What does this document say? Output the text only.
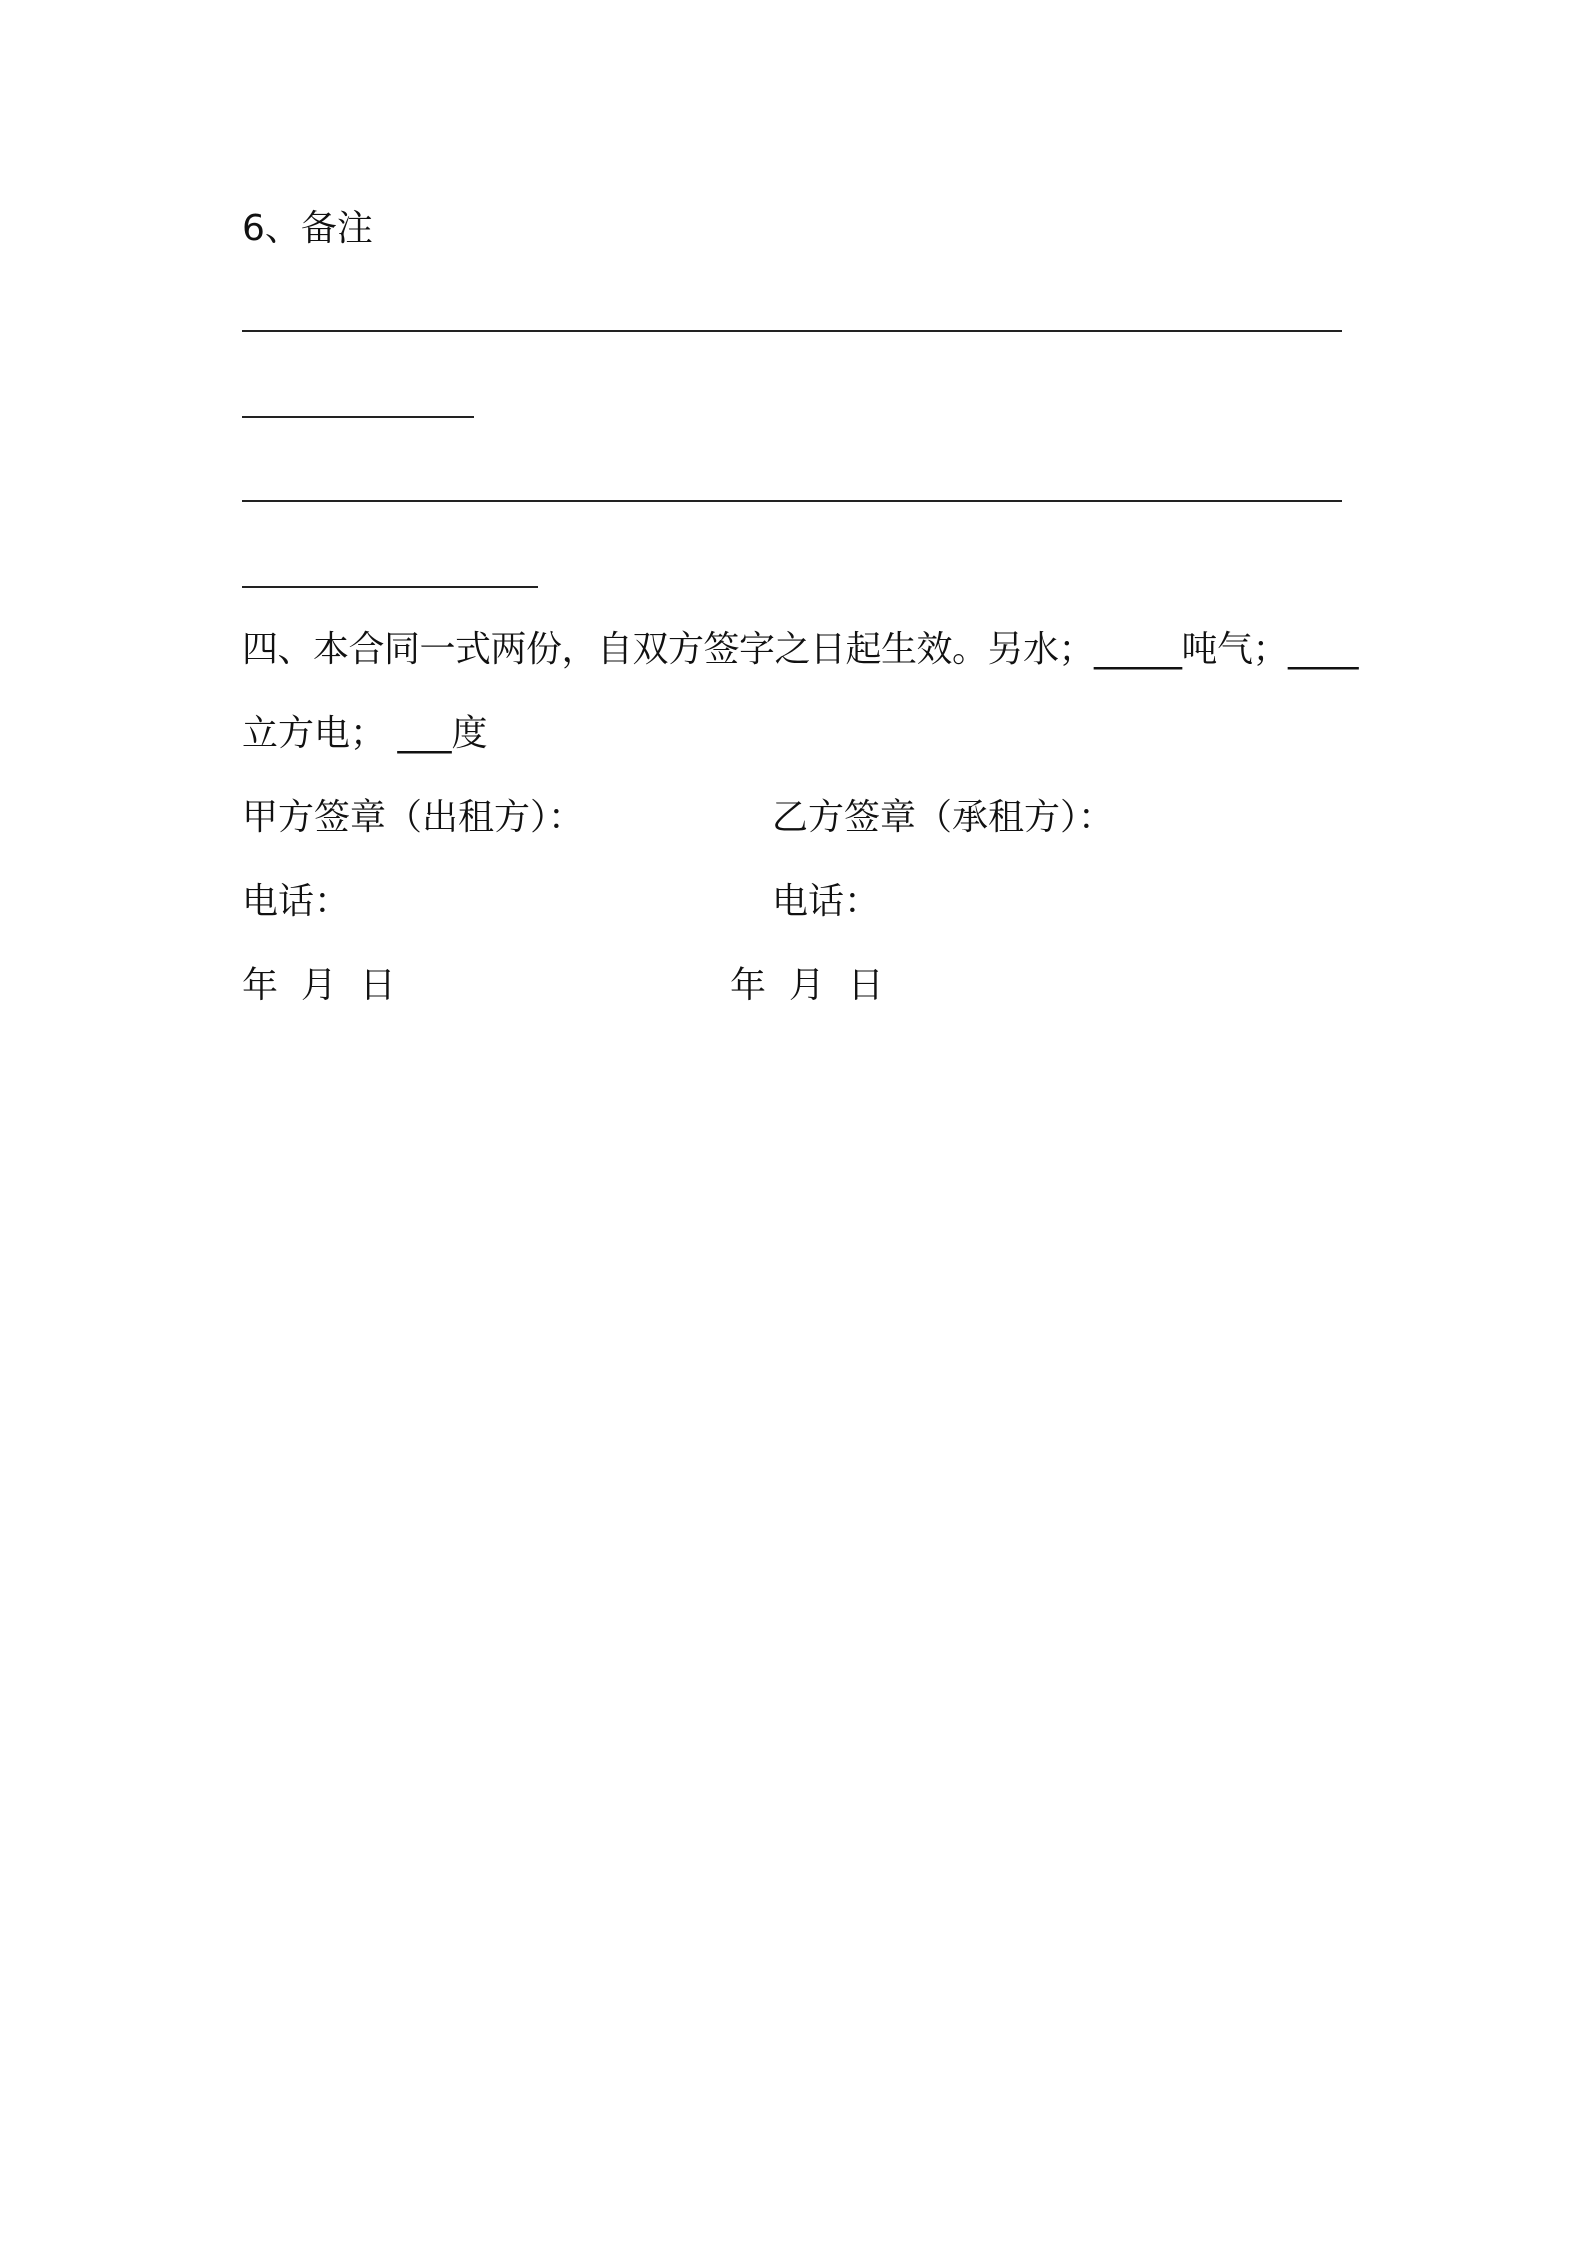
6、备注
四、本合同一式两份，自双方签字之日起生效。另水；_____吨气；____
立方电； ___度
甲方签章（出租方）：	乙方签章（承租方）：
电话：	电话：
年  月  日	年  月  日
